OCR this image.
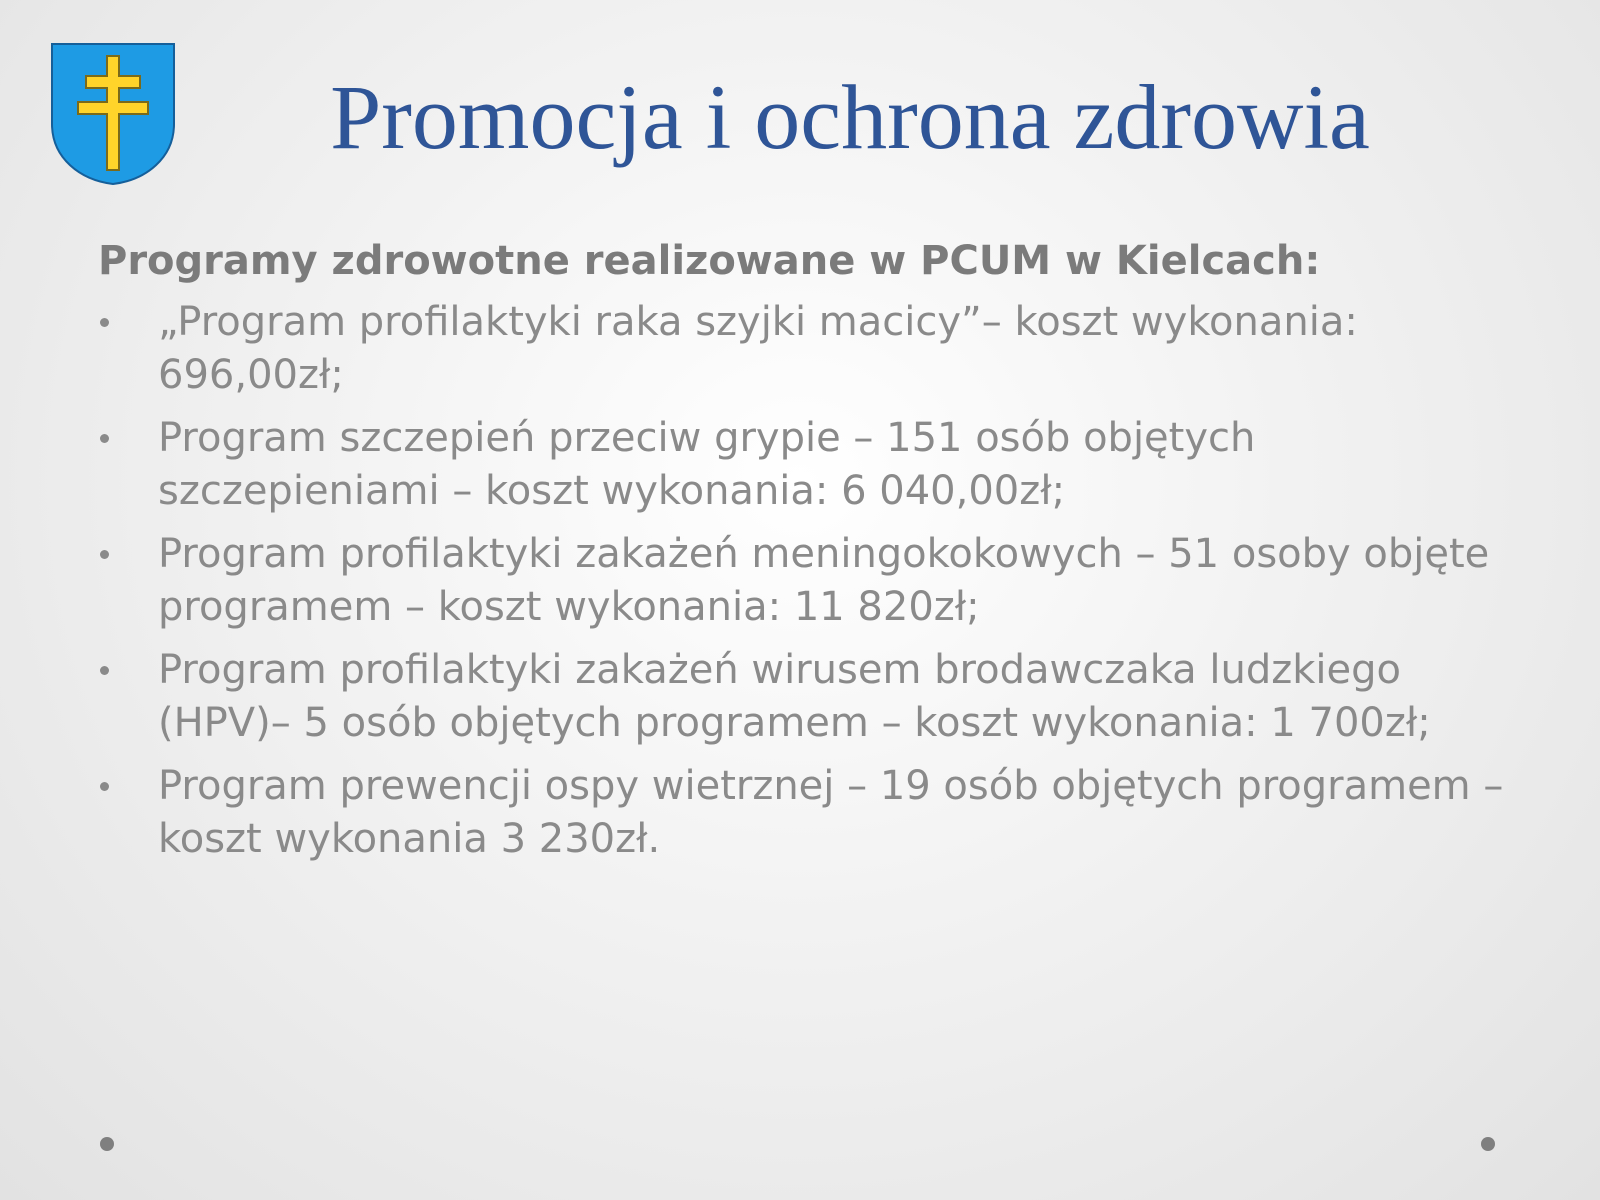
Promocja i ochrona zdrowia
Programy zdrowotne realizowane w PCUM w Kielcach:
„Program profilaktyki raka szyjki macicy”– koszt wykonania: 696,00zł;
Program szczepień przeciw grypie – 151 osób objętych szczepieniami – koszt wykonania: 6 040,00zł;
Program profilaktyki zakażeń meningokokowych – 51 osoby objęte programem – koszt wykonania: 11 820zł;
Program profilaktyki zakażeń wirusem brodawczaka ludzkiego (HPV)– 5 osób objętych programem – koszt wykonania: 1 700zł;
Program prewencji ospy wietrznej – 19 osób objętych programem – koszt wykonania 3 230zł.
